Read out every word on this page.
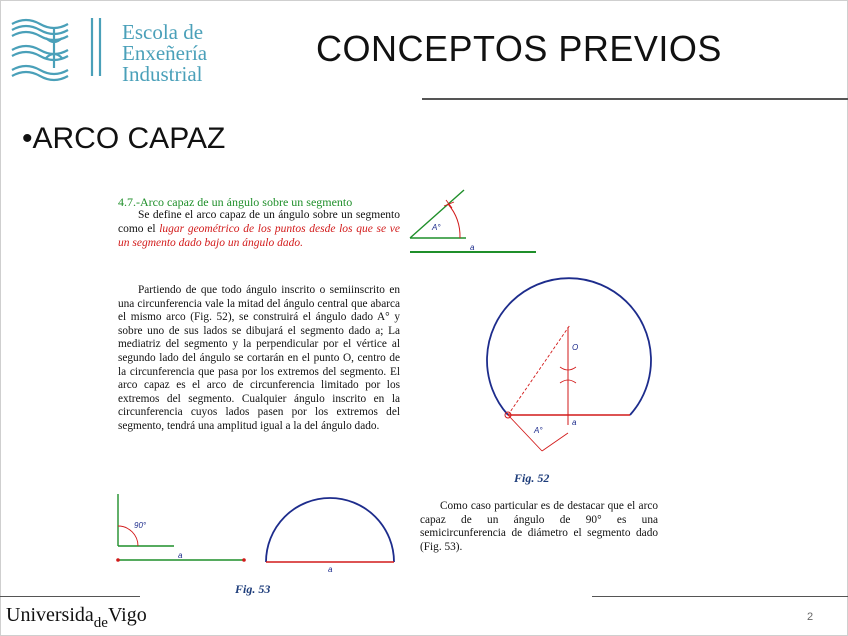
Escola de
Enxeñería
Industrial
CONCEPTOS PREVIOS
•ARCO CAPAZ
4.7.-Arco capaz de un ángulo sobre un segmento
Se define el arco capaz de un ángulo sobre un segmento como el lugar geométrico de los puntos desde los que se ve un segmento dado bajo un ángulo dado.
Partiendo de que todo ángulo inscrito o semiinscrito en una circunferencia vale la mitad del ángulo central que abarca el mismo arco (Fig. 52), se construirá el ángulo dado A° y sobre uno de sus lados se dibujará el segmento dado a; La mediatriz del segmento y la perpendicular por el vértice al segundo lado del ángulo se cortarán en el punto O, centro de la circunferencia que pasa por los extremos del segmento. El arco capaz es el arco de circunferencia limitado por los extremos del segmento. Cualquier ángulo inscrito en la circunferencia cuyos lados pasen por los extremos del segmento, tendrá una amplitud igual a la del ángulo dado.
Como caso particular es de destacar que el arco capaz de un ángulo de 90° es una semicircunferencia de diámetro el segmento dado (Fig. 53).
A°
a
O
A°
a
Fig. 52
90°
a
a
Fig. 53
Universida$_{de}$Vigo	2
